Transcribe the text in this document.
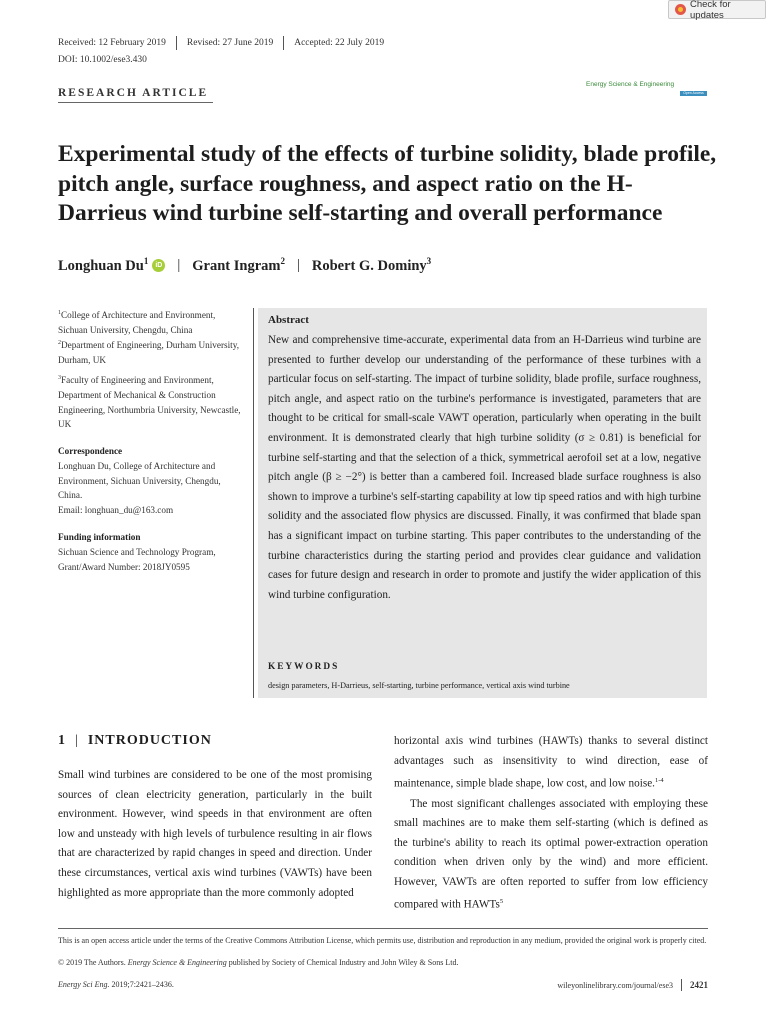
Check for updates
Received: 12 February 2019 Revised: 27 June 2019 Accepted: 22 July 2019
DOI: 10.1002/ese3.430
RESEARCH ARTICLE
Energy Science & Engineering
Open Access
Experimental study of the effects of turbine solidity, blade profile, pitch angle, surface roughness, and aspect ratio on the H-Darrieus wind turbine self-starting and overall performance
Longhuan Du$^1$	iD | Grant Ingram$^2$ | Robert G. Dominy$^3$
$^1$College of Architecture and Environment, Sichuan University, Chengdu, China
$^2$Department of Engineering, Durham University, Durham, UK
$^3$Faculty of Engineering and Environment, Department of Mechanical & Construction Engineering, Northumbria University, Newcastle, UK
Correspondence
Longhuan Du, College of Architecture and Environment, Sichuan University, Chengdu, China.
Email: longhuan_du@163.com
Funding information
Sichuan Science and Technology Program, Grant/Award Number: 2018JY0595
Abstract
New and comprehensive time-accurate, experimental data from an H-Darrieus wind turbine are presented to further develop our understanding of the performance of these turbines with a particular focus on self-starting. The impact of turbine solidity, blade profile, surface roughness, pitch angle, and aspect ratio on the turbine's performance is investigated, parameters that are thought to be critical for small-scale VAWT operation, particularly when operating in the built environment. It is demonstrated clearly that high turbine solidity (σ ≥ 0.81) is beneficial for turbine self-starting and that the selection of a thick, symmetrical aerofoil set at a low, negative pitch angle (β ≥ −2°) is better than a cambered foil. Increased blade surface roughness is also shown to improve a turbine's self-starting capability at low tip speed ratios and with high turbine solidity and the associated flow physics are discussed. Finally, it was confirmed that blade span has a significant impact on turbine starting. This paper contributes to the understanding of the turbine characteristics during the starting period and provides clear guidance and validation cases for future design and research in order to promote and justify the wider application of this wind turbine configuration.
KEYWORDS
design parameters, H-Darrieus, self-starting, turbine performance, vertical axis wind turbine
1 | INTRODUCTION
Small wind turbines are considered to be one of the most promising sources of clean electricity generation, particularly in the built environment. However, wind speeds in that environment are often low and unsteady with high levels of turbulence resulting in air flows that are characterized by rapid changes in speed and direction. Under these circumstances, vertical axis wind turbines (VAWTs) have been highlighted as more appropriate than the more commonly adopted

horizontal axis wind turbines (HAWTs) thanks to several distinct advantages such as insensitivity to wind direction, ease of maintenance, simple blade shape, low cost, and low noise.$^{1-4}$

The most significant challenges associated with employing these small machines are to make them self-starting (which is defined as the turbine's ability to reach its optimal power-extraction operation condition when driven only by the wind) and more efficient. However, VAWTs are often reported to suffer from low efficiency compared with HAWTs$^5$

This is an open access article under the terms of the Creative Commons Attribution License, which permits use, distribution and reproduction in any medium, provided the original work is properly cited.
© 2019 The Authors. Energy Science & Engineering published by Society of Chemical Industry and John Wiley & Sons Ltd.
Energy Sci Eng. 2019;7:2421–2436.	wileyonlinelibrary.com/journal/ese3 2421
